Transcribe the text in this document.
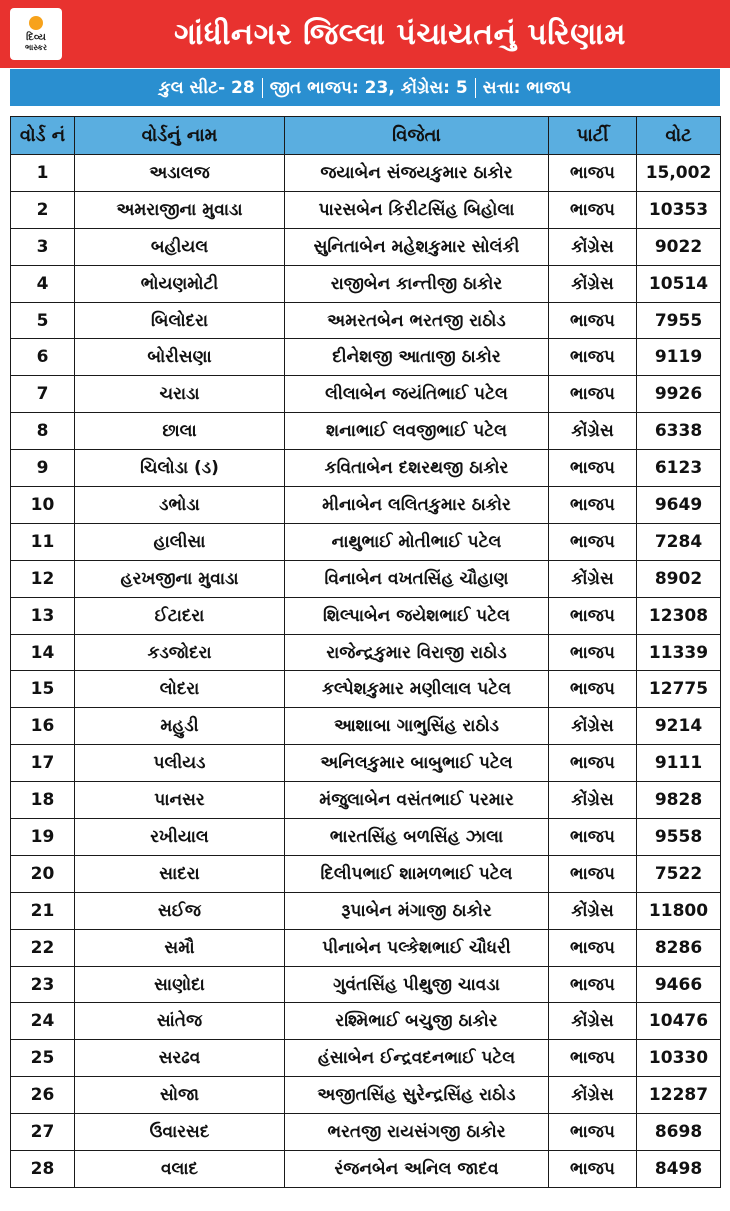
દિવ્ય
ભાસ્કર	ગાંધીનગર જિલ્લા પંચાયતનું પરિણામ
કુલ સીટ- 28 જીત ભાજપ: 23, કોંગ્રેસ: 5 સત્તા: ભાજપ
વોર્ડ નં	વોર્ડનું નામ	વિજેતા	પાર્ટી	વોટ
1	અડાલજ	જયાબેન સંજયકુમાર ઠાકોર	ભાજપ	15,002
2	અમરાજીના મુવાડા	પારસબેન કિરીટસિંહ બિહોલા	ભાજપ	10353
3	બહીયલ	સુનિતાબેન મહેશકુમાર સોલંકી	કોંગ્રેસ	9022
4	ભોયણમોટી	રાજીબેન કાન્તીજી ઠાકોર	કોંગ્રેસ	10514
5	બિલોદરા	અમરતબેન ભરતજી રાઠોડ	ભાજપ	7955
6	બોરીસણા	દીનેશજી આતાજી ઠાકોર	ભાજપ	9119
7	ચરાડા	લીલાબેન જયંતિભાઈ પટેલ	ભાજપ	9926
8	છાલા	શનાભાઈ લવજીભાઈ પટેલ	કોંગ્રેસ	6338
9	ચિલોડા (ડ)	કવિતાબેન દશરથજી ઠાકોર	ભાજપ	6123
10	ડભોડા	મીનાબેન લલિતકુમાર ઠાકોર	ભાજપ	9649
11	હાલીસા	નાથુભાઈ મોતીભાઈ પટેલ	ભાજપ	7284
12	હરખજીના મુવાડા	વિનાબેન વખતસિંહ ચૌહાણ	કોંગ્રેસ	8902
13	ઈટાદરા	શિલ્પાબેન જયેશભાઈ પટેલ	ભાજપ	12308
14	કડજોદરા	રાજેન્દ્રકુમાર વિરાજી રાઠોડ	ભાજપ	11339
15	લોદરા	કલ્પેશકુમાર મણીલાલ પટેલ	ભાજપ	12775
16	મહુડી	આશાબા ગાભુસિંહ રાઠોડ	કોંગ્રેસ	9214
17	પલીયડ	અનિલકુમાર બાબુભાઈ પટેલ	ભાજપ	9111
18	પાનસર	મંજુલાબેન વસંતભાઈ પરમાર	કોંગ્રેસ	9828
19	રખીયાલ	ભારતસિંહ બળસિંહ ઝાલા	ભાજપ	9558
20	સાદરા	દિલીપભાઈ શામળભાઈ પટેલ	ભાજપ	7522
21	સઈજ	રૂપાબેન મંગાજી ઠાકોર	કોંગ્રેસ	11800
22	સમૌ	પીનાબેન પલ્કેશભાઈ ચૌધરી	ભાજપ	8286
23	સાણોદા	ગુવંતસિંહ પીથુજી ચાવડા	ભાજપ	9466
24	સાંતેજ	રશ્મિભાઈ બચુજી ઠાકોર	કોંગ્રેસ	10476
25	સરઢવ	હંસાબેન ઈન્દ્રવદનભાઈ પટેલ	ભાજપ	10330
26	સોજા	અજીતસિંહ સુરેન્દ્રસિંહ રાઠોડ	કોંગ્રેસ	12287
27	ઉવારસદ	ભરતજી રાયસંગજી ઠાકોર	ભાજપ	8698
28	વલાદ	રંજનબેન અનિલ જાદવ	ભાજપ	8498
